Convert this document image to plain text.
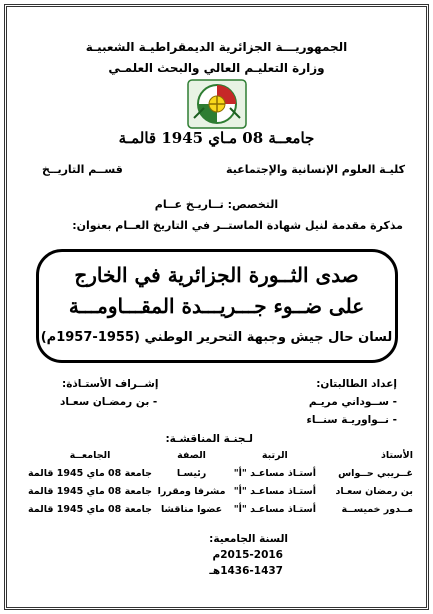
الجمهوريـــة الجزائرية الديمقراطيـة الشعبيـة
وزارة التعليـم العالي والبحث العلمـي
جامعــة 08 مـاي 1945 قالمـة
كليـة العلوم الإنسانية والإجتماعية
قســم التاريــخ
التخصص: تــاريـخ عــام
مذكرة مقدمة لنيل شهادة الماستــر في التاريخ العــام بعنوان:
صدى الثــورة الجزائرية في الخارج
على ضــوء جـــريـــدة المقـــاومـــة
لسان حال جيش وجبهة التحرير الوطني (1955-1957م)
إعداد الطالبتان:
- ســوداني مريـم
- نــواوريـة سنــاء
إشــراف الأستـاذة:
- بن رمضـان سعـاد
لـجنـة المناقشـة:
الأستاذ	الرتبة	الصفة	الجامعــة
غــريبي حــواس	أستـاذ مساعـد "أ"	رئيسـا	جامعة 08 ماي 1945 قالمة
بن رمضان سعـاد	أستـاذ مساعـد "أ"	مشرفا ومقررا	جامعة 08 ماي 1945 قالمة
مــدور خميســة	أستـاذ مساعـد "أ"	عضوا مناقشا	جامعة 08 ماي 1945 قالمة
السنة الجامعية:
2015-2016م
1436-1437هـ
